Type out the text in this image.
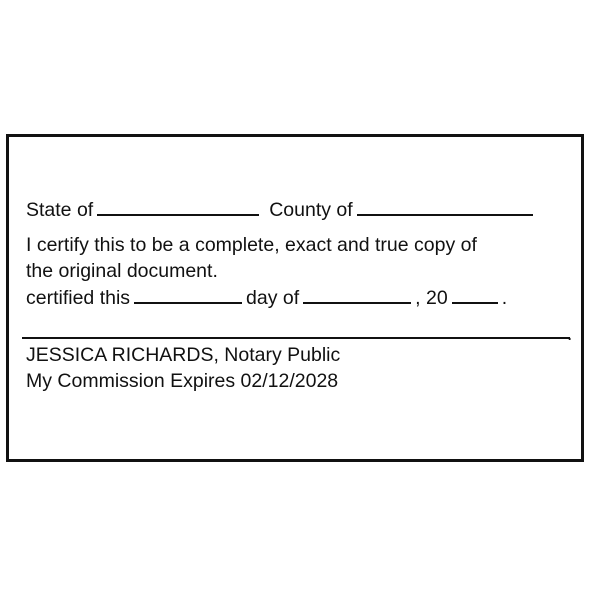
State of	County of
I certify this to be a complete, exact and true copy of
the original document.
certified this	day of	, 20	.
.
JESSICA RICHARDS, Notary Public
My Commission Expires 02/12/2028
